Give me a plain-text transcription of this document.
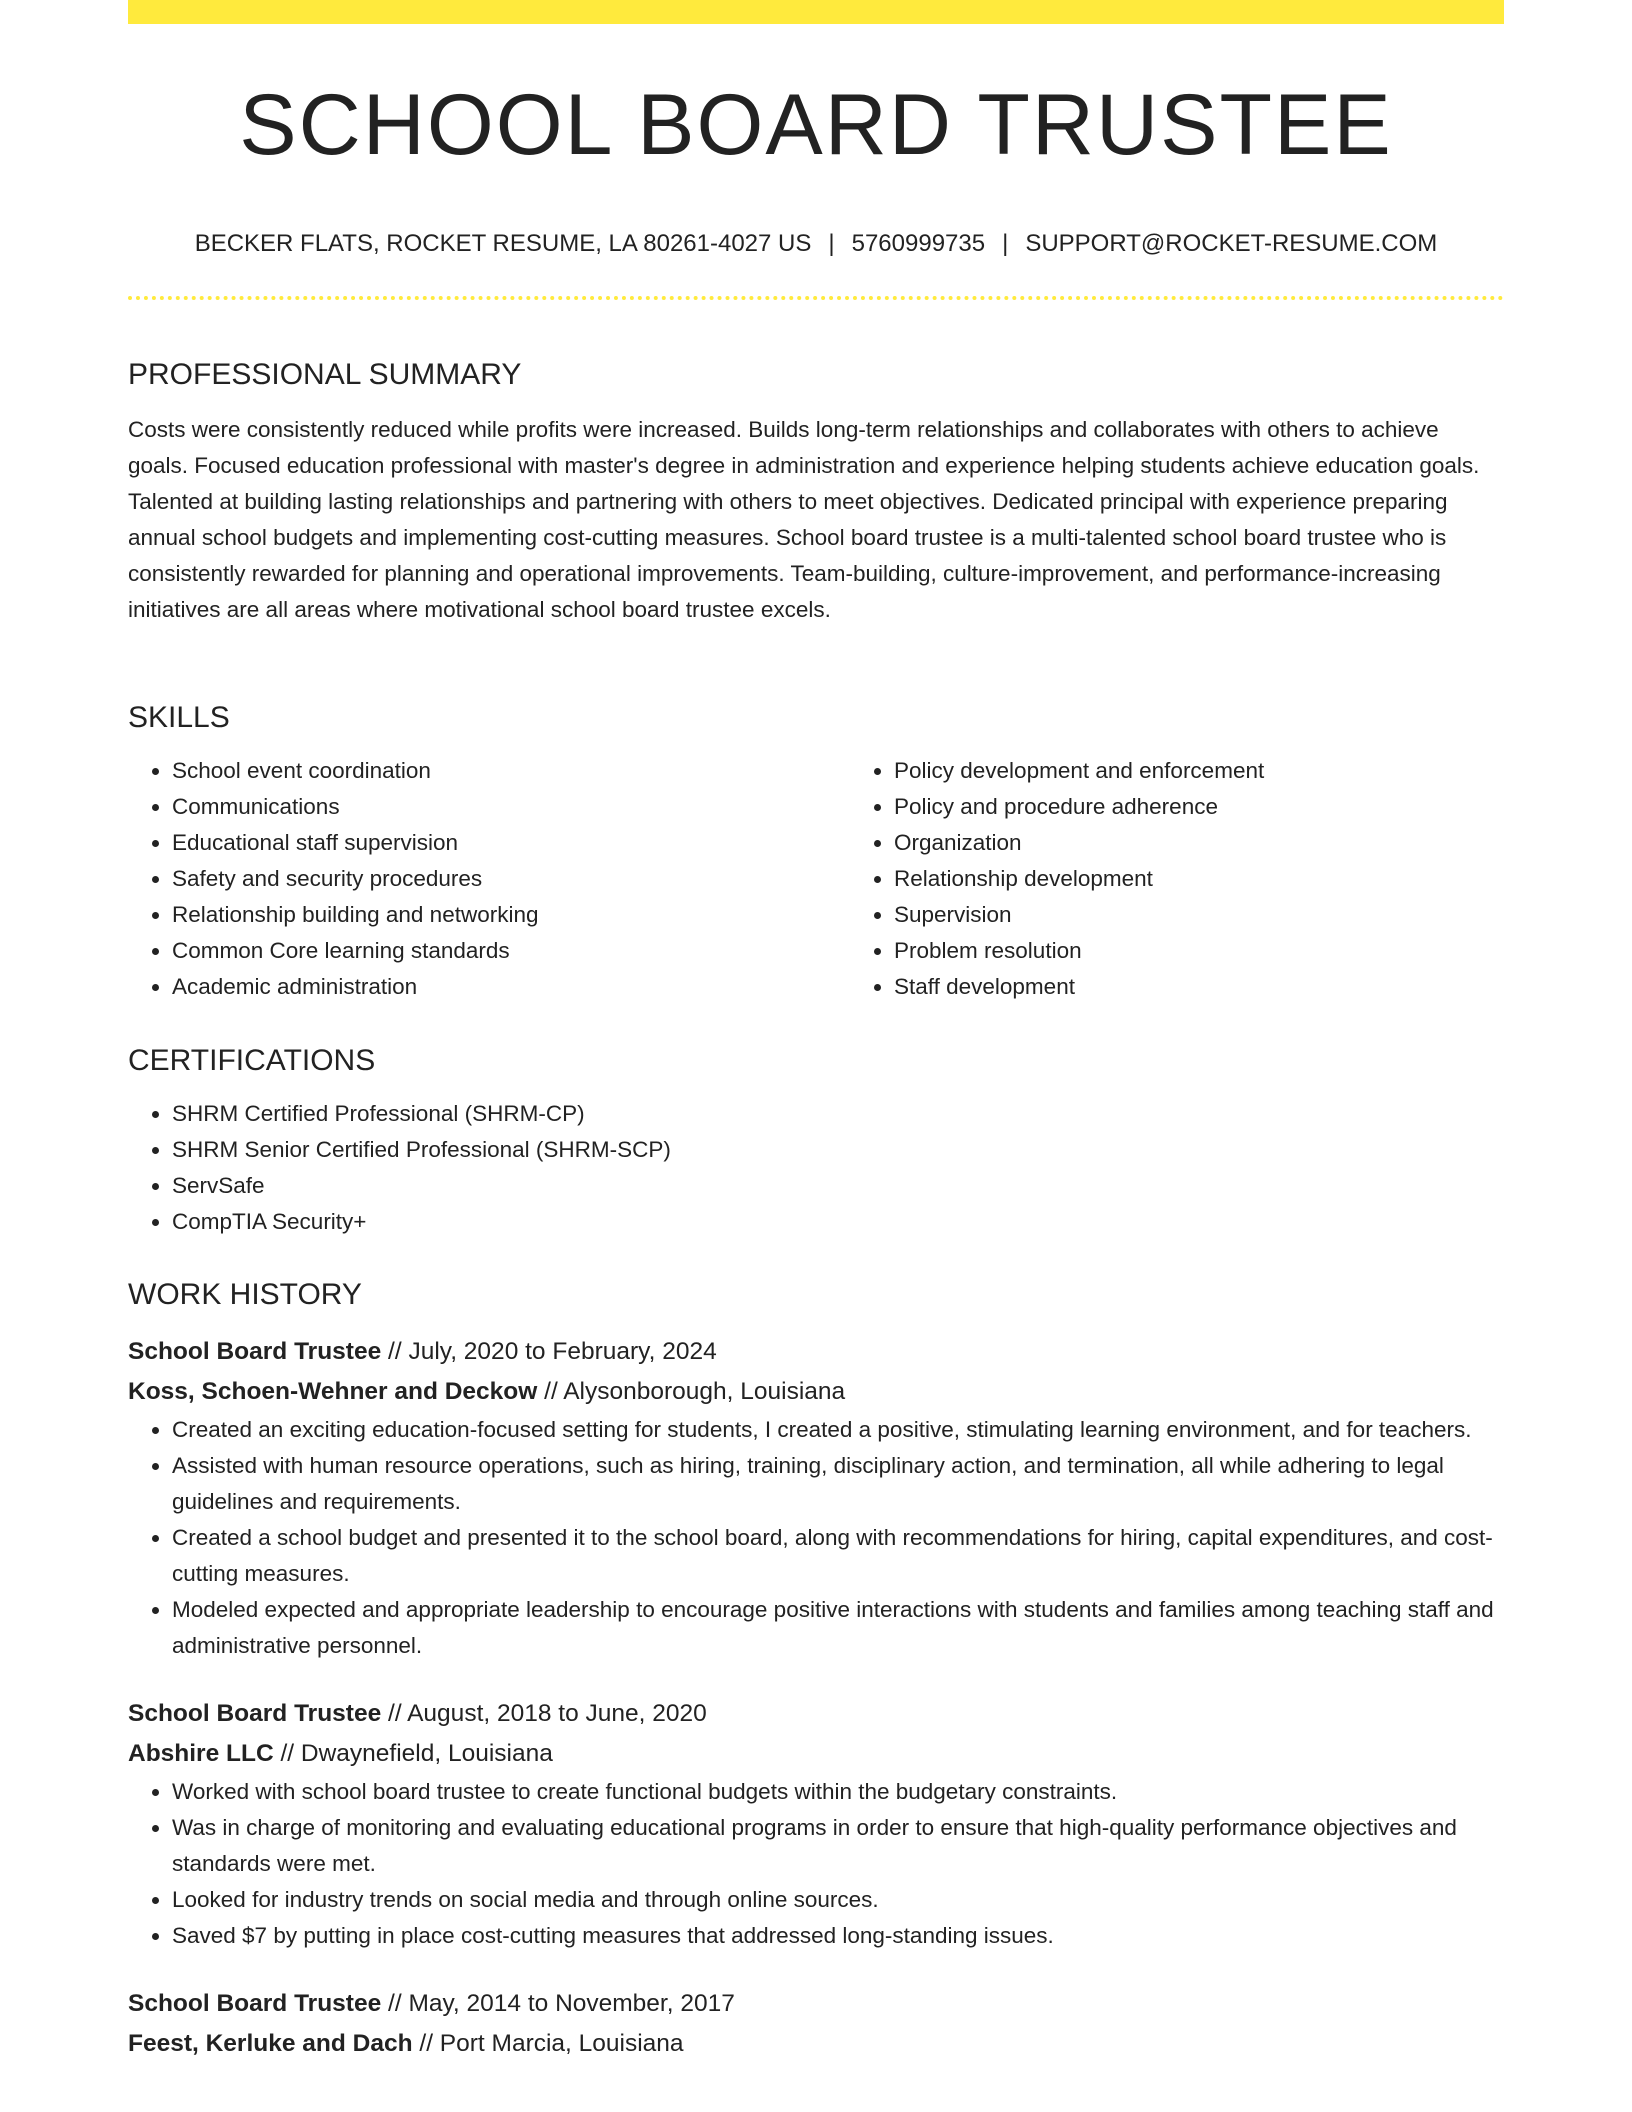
SCHOOL BOARD TRUSTEE
BECKER FLATS, ROCKET RESUME, LA 80261-4027 US | 5760999735 | SUPPORT@ROCKET-RESUME.COM
PROFESSIONAL SUMMARY
Costs were consistently reduced while profits were increased. Builds long-term relationships and collaborates with others to achieve goals. Focused education professional with master's degree in administration and experience helping students achieve education goals. Talented at building lasting relationships and partnering with others to meet objectives. Dedicated principal with experience preparing annual school budgets and implementing cost-cutting measures. School board trustee is a multi-talented school board trustee who is consistently rewarded for planning and operational improvements. Team-building, culture-improvement, and performance-increasing initiatives are all areas where motivational school board trustee excels.
SKILLS
• School event coordination
• Communications
• Educational staff supervision
• Safety and security procedures
• Relationship building and networking
• Common Core learning standards
• Academic administration
• Policy development and enforcement
• Policy and procedure adherence
• Organization
• Relationship development
• Supervision
• Problem resolution
• Staff development
CERTIFICATIONS
• SHRM Certified Professional (SHRM-CP)
• SHRM Senior Certified Professional (SHRM-SCP)
• ServSafe
• CompTIA Security+
WORK HISTORY
School Board Trustee // July, 2020 to February, 2024
Koss, Schoen-Wehner and Deckow // Alysonborough, Louisiana
• Created an exciting education-focused setting for students, I created a positive, stimulating learning environment, and for teachers.
• Assisted with human resource operations, such as hiring, training, disciplinary action, and termination, all while adhering to legal guidelines and requirements.
• Created a school budget and presented it to the school board, along with recommendations for hiring, capital expenditures, and cost-cutting measures.
• Modeled expected and appropriate leadership to encourage positive interactions with students and families among teaching staff and administrative personnel.
School Board Trustee // August, 2018 to June, 2020
Abshire LLC // Dwaynefield, Louisiana
• Worked with school board trustee to create functional budgets within the budgetary constraints.
• Was in charge of monitoring and evaluating educational programs in order to ensure that high-quality performance objectives and standards were met.
• Looked for industry trends on social media and through online sources.
• Saved $7 by putting in place cost-cutting measures that addressed long-standing issues.
School Board Trustee // May, 2014 to November, 2017
Feest, Kerluke and Dach // Port Marcia, Louisiana
